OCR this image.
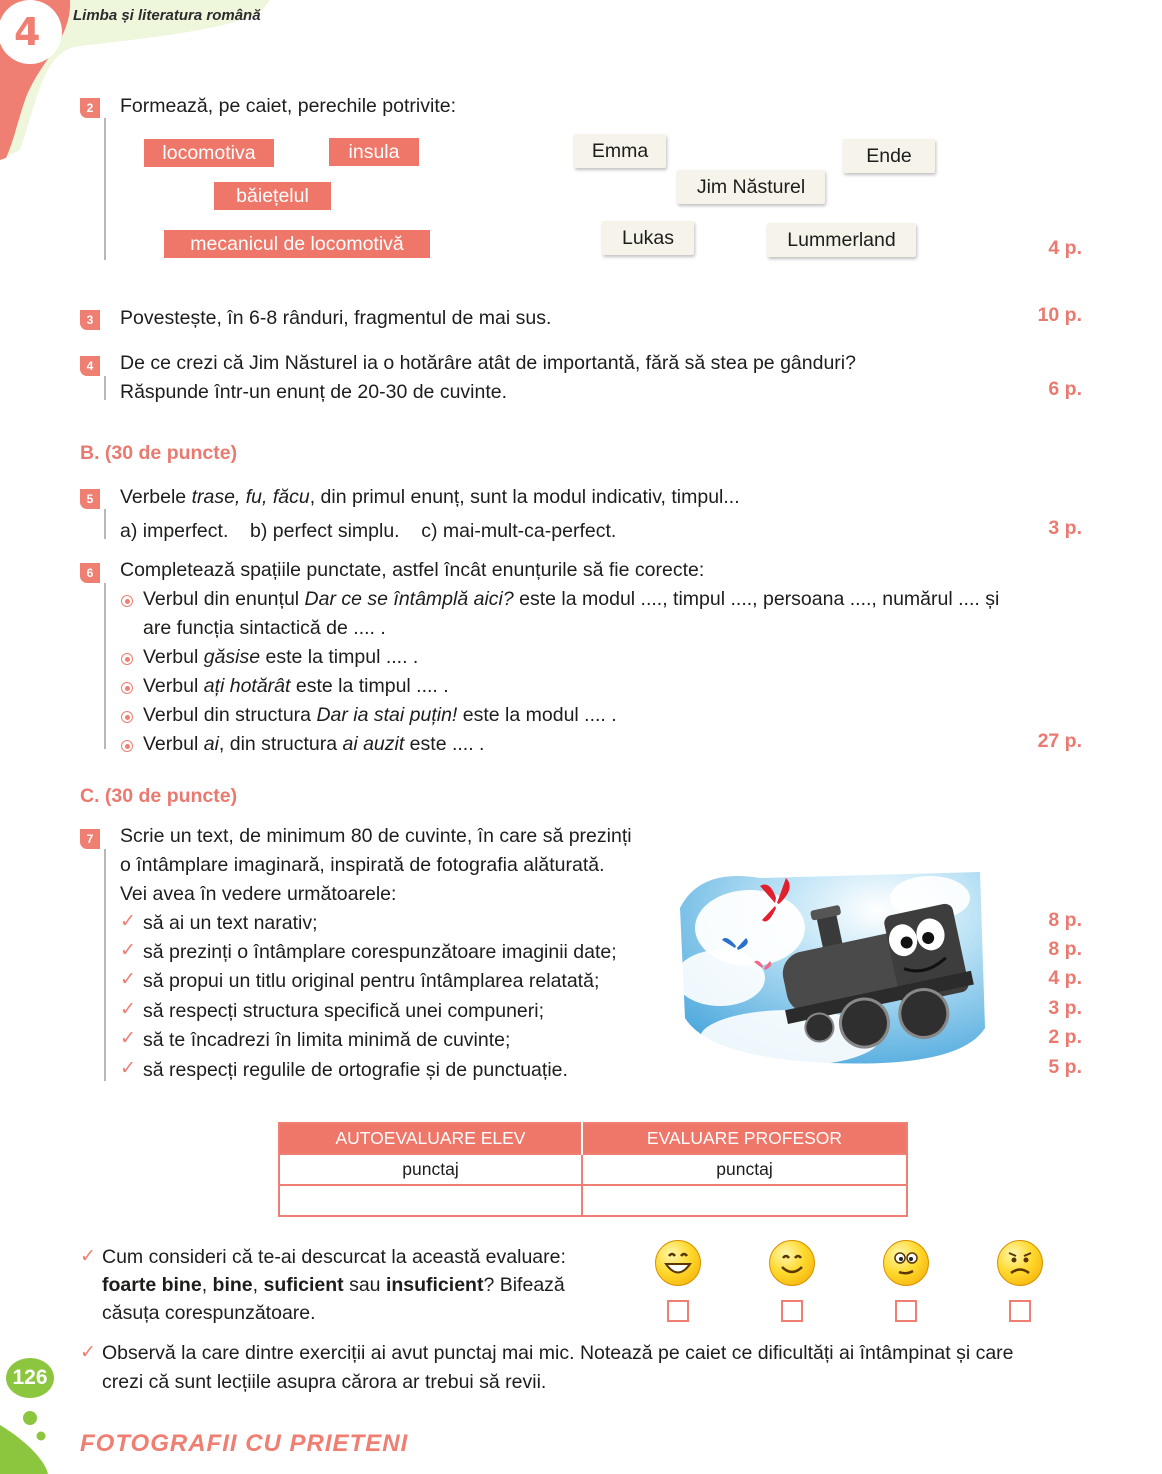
4 Limba și literatura română
2	Formează, pe caiet, perechile potrivite:
locomotiva	insula
băiețelul
mecanicul de locomotivă
Emma	Ende
Jim Năsturel
Lukas	Lummerland	4 p.
3	Povestește, în 6-8 rânduri, fragmentul de mai sus.	10 p.
4	De ce crezi că Jim Năsturel ia o hotărâre atât de importantă, fără să stea pe gânduri?
Răspunde într-un enunț de 20-30 de cuvinte.	6 p.
B. (30 de puncte)
5	Verbele trase, fu, făcu, din primul enunț, sunt la modul indicativ, timpul...
a) imperfect.    b) perfect simplu.    c) mai-mult-ca-perfect.	3 p.
6	Completează spațiile punctate, astfel încât enunțurile să fie corecte:
Verbul din enunțul Dar ce se întâmplă aici? este la modul ...., timpul ...., persoana ...., numărul .... și
are funcția sintactică de .... .
Verbul găsise este la timpul .... .
Verbul ați hotărât este la timpul .... .
Verbul din structura Dar ia stai puțin! este la modul .... .
Verbul ai, din structura ai auzit este .... .	27 p.
C. (30 de puncte)
7	Scrie un text, de minimum 80 de cuvinte, în care să prezinți
o întâmplare imaginară, inspirată de fotografia alăturată.
Vei avea în vedere următoarele:
✓ să ai un text narativ;	8 p.
✓ să prezinți o întâmplare corespunzătoare imaginii date;	8 p.
✓ să propui un titlu original pentru întâmplarea relatată;	4 p.
✓ să respecți structura specifică unei compuneri;	3 p.
✓ să te încadrezi în limita minimă de cuvinte;	2 p.
✓ să respecți regulile de ortografie și de punctuație.	5 p.
AUTOEVALUARE ELEV	EVALUARE PROFESOR
punctaj	punctaj

✓ Cum consideri că te-ai descurcat la această evaluare:
foarte bine, bine, suficient sau insuficient? Bifează
căsuța corespunzătoare.
✓ Observă la care dintre exerciții ai avut punctaj mai mic. Notează pe caiet ce dificultăți ai întâmpinat și care
crezi că sunt lecțiile asupra cărora ar trebui să revii.
126
FOTOGRAFII CU PRIETENI
